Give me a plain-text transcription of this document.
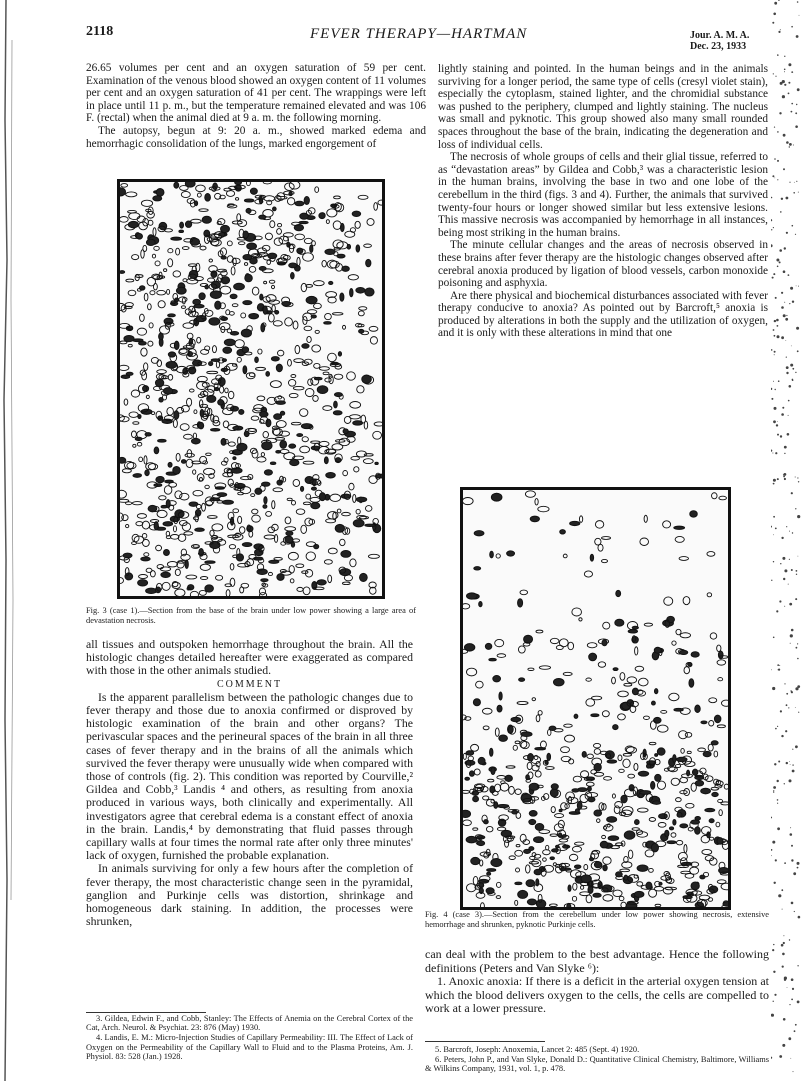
2118	FEVER THERAPY—HARTMAN	Jour. A. M. A.
Dec. 23, 1933

26.65 volumes per cent and an oxygen saturation of 59 per cent. Examination of the venous blood showed an oxygen content of 11 volumes per cent and an oxygen saturation of 41 per cent. The wrappings were left in place until 11 p. m., but the temperature remained elevated and was 106 F. (rectal) when the animal died at 9 a. m. the following morning.

The autopsy, begun at 9: 20 a. m., showed marked edema and hemorrhagic consolidation of the lungs, marked engorgement of

Fig. 3 (case 1).—Section from the base of the brain under low power showing a large area of devastation necrosis.

lightly staining and pointed. In the human beings and in the animals surviving for a longer period, the same type of cells (cresyl violet stain), especially the cytoplasm, stained lighter, and the chromidial substance was pushed to the periphery, clumped and lightly staining. The nucleus was small and pyknotic. This group showed also many small rounded spaces throughout the base of the brain, indicating the degeneration and loss of individual cells.

The necrosis of whole groups of cells and their glial tissue, referred to as “devastation areas” by Gildea and Cobb,³ was a characteristic lesion in the human brains, involving the base in two and one lobe of the cerebellum in the third (figs. 3 and 4). Further, the animals that survived twenty-four hours or longer showed similar but less extensive lesions. This massive necrosis was accompanied by hemorrhage in all instances, being most striking in the human brains.

The minute cellular changes and the areas of necrosis observed in these brains after fever therapy are the histologic changes observed after cerebral anoxia produced by ligation of blood vessels, carbon monoxide poisoning and asphyxia.

Are there physical and biochemical disturbances associated with fever therapy conducive to anoxia? As pointed out by Barcroft,⁵ anoxia is produced by alterations in both the supply and the utilization of oxygen, and it is only with these alterations in mind that one

Fig. 4 (case 3).—Section from the cerebellum under low power showing necrosis, extensive hemorrhage and shrunken, pyknotic Purkinje cells.

all tissues and outspoken hemorrhage throughout the brain. All the histologic changes detailed hereafter were exaggerated as compared with those in the other animals studied.

COMMENT

Is the apparent parallelism between the pathologic changes due to fever therapy and those due to anoxia confirmed or disproved by histologic examination of the brain and other organs? The perivascular spaces and the perineural spaces of the brain in all three cases of fever therapy and in the brains of all the animals which survived the fever therapy were unusually wide when compared with those of controls (fig. 2). This condition was reported by Courville,² Gildea and Cobb,³ Landis ⁴ and others, as resulting from anoxia produced in various ways, both clinically and experimentally. All investigators agree that cerebral edema is a constant effect of anoxia in the brain. Landis,⁴ by demonstrating that fluid passes through capillary walls at four times the normal rate after only three minutes' lack of oxygen, furnished the probable explanation.

In animals surviving for only a few hours after the completion of fever therapy, the most characteristic change seen in the pyramidal, ganglion and Purkinje cells was distortion, shrinkage and homogeneous dark staining. In addition, the processes were shrunken,

can deal with the problem to the best advantage. Hence the following definitions (Peters and Van Slyke ⁶):

1. Anoxic anoxia: If there is a deficit in the arterial oxygen tension at which the blood delivers oxygen to the cells, the cells are compelled to work at a lower pressure.

3. Gildea, Edwin F., and Cobb, Stanley: The Effects of Anemia on the Cerebral Cortex of the Cat, Arch. Neurol. & Psychiat. 23: 876 (May) 1930.

4. Landis, E. M.: Micro-Injection Studies of Capillary Permeability: III. The Effect of Lack of Oxygen on the Permeability of the Capillary Wall to Fluid and to the Plasma Proteins, Am. J. Physiol. 83: 528 (Jan.) 1928.

5. Barcroft, Joseph: Anoxemia, Lancet 2: 485 (Sept. 4) 1920.

6. Peters, John P., and Van Slyke, Donald D.: Quantitative Clinical Chemistry, Baltimore, Williams & Wilkins Company, 1931, vol. 1, p. 478.
